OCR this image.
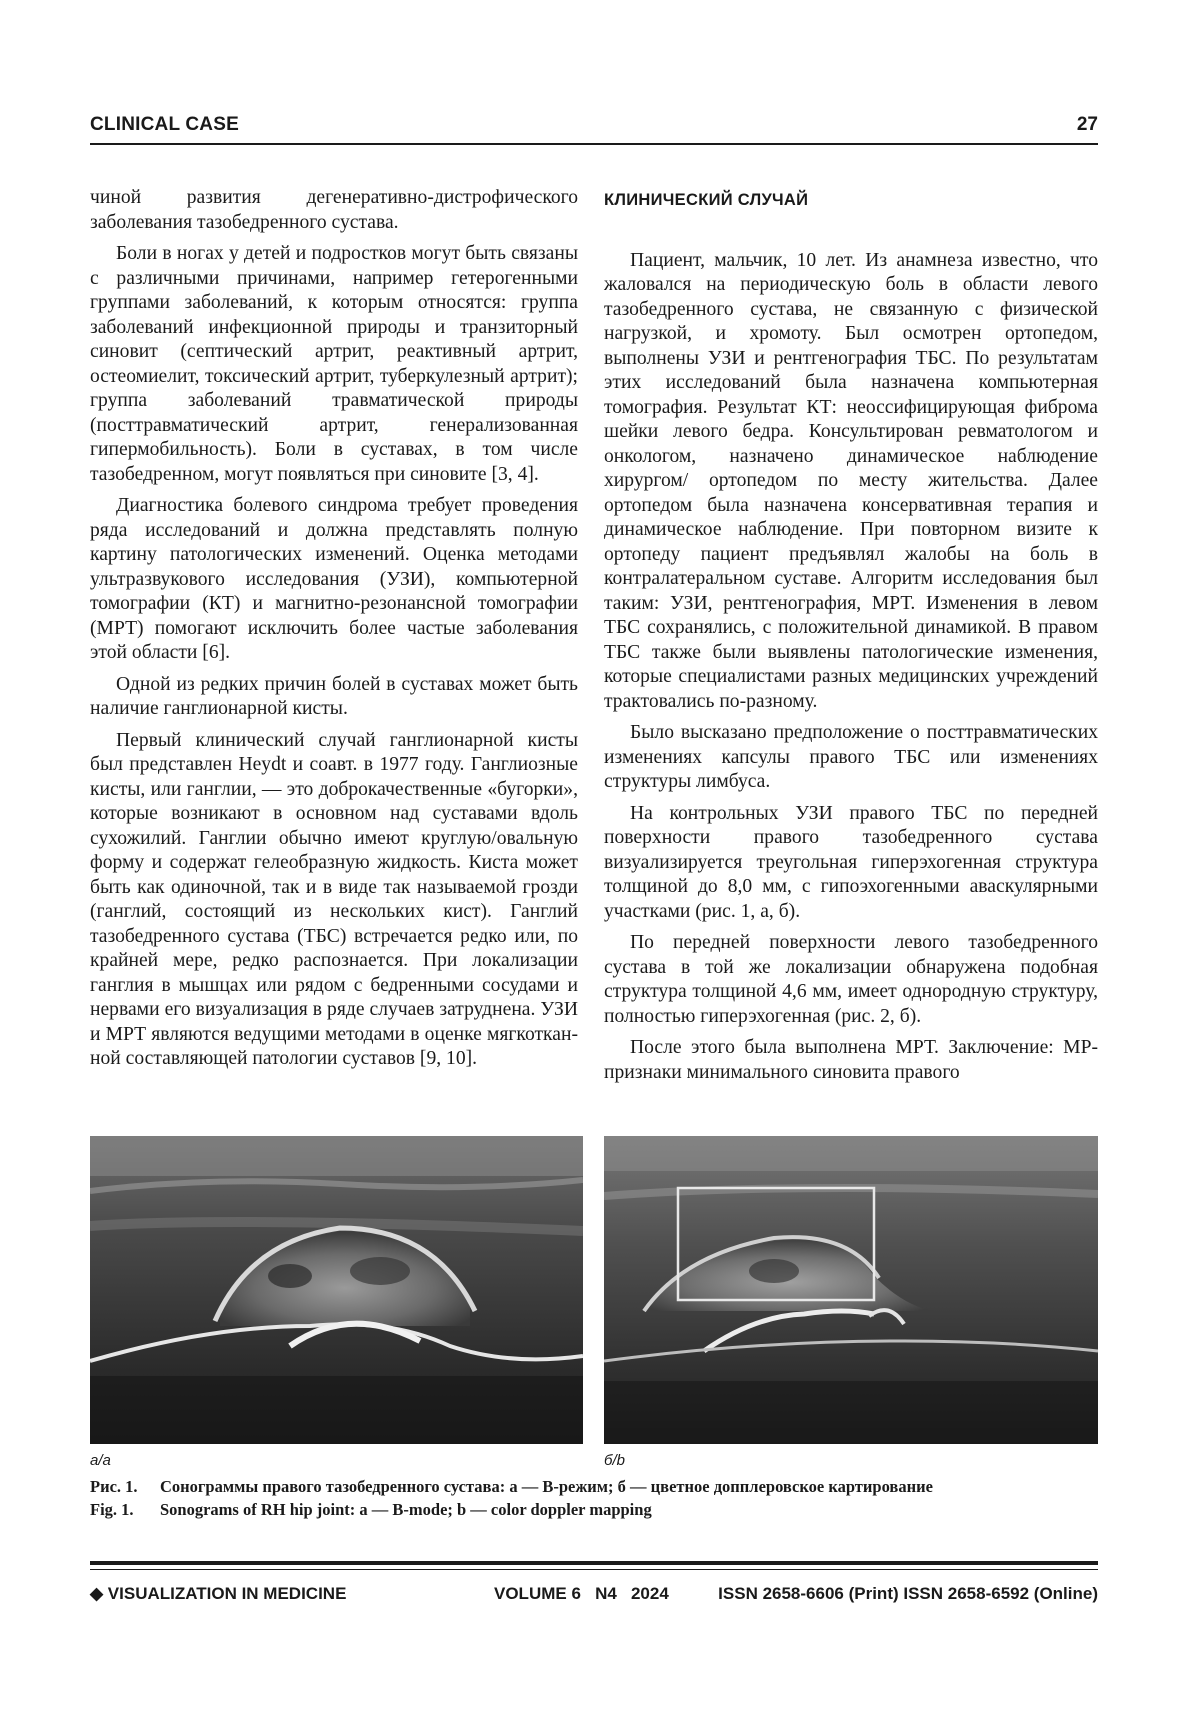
CLINICAL CASE	27

чиной развития дегенеративно-дистрофического заболевания тазобедренного сустава.

Боли в ногах у детей и подростков могут быть связаны с различными причинами, например гетерогенными группами заболеваний, к которым относятся: группа заболеваний инфекционной природы и транзиторный синовит (септический артрит, реактивный артрит, остеомиелит, токсический артрит, туберкулезный артрит); группа заболеваний травматической природы (посттравматический артрит, генерализованная гипермобильность). Боли в суставах, в том числе тазобедренном, могут появляться при синовите [3, 4].

Диагностика болевого синдрома требует проведения ряда исследований и должна представлять полную картину патологических изменений. Оценка методами ультразвукового исследования (УЗИ), компьютерной томографии (КТ) и магнитно-резонансной томографии (МРТ) помогают исключить более частые заболевания этой области [6].

Одной из редких причин болей в суставах может быть наличие ганглионарной кисты.

Первый клинический случай ганглионарной кисты был представлен Heydt и соавт. в 1977 году. Ганглиозные кисты, или ганглии, — это доброкачественные «бугорки», которые возникают в основном над суставами вдоль сухожилий. Ганглии обычно имеют круглую/овальную форму и содержат гелеобразную жидкость. Киста может быть как одиночной, так и в виде так называемой грозди (ганглий, состоящий из нескольких кист). Ганглий тазобедренного сустава (ТБС) встречается редко или, по крайней мере, редко распознается. При локализации ганглия в мышцах или рядом с бедренными сосудами и нервами его визуализация в ряде случаев затруднена. УЗИ и МРТ являются ведущими методами в оценке мягкотканной составляющей патологии суставов [9, 10].

КЛИНИЧЕСКИЙ СЛУЧАЙ

Пациент, мальчик, 10 лет. Из анамнеза известно, что жаловался на периодическую боль в области левого тазобедренного сустава, не связанную с физической нагрузкой, и хромоту. Был осмотрен ортопедом, выполнены УЗИ и рентгенография ТБС. По результатам этих исследований была назначена компьютерная томография. Результат КТ: неоссифицирующая фиброма шейки левого бедра. Консультирован ревматологом и онкологом, назначено динамическое наблюдение хирургом/ ортопедом по месту жительства. Далее ортопедом была назначена консервативная терапия и динамическое наблюдение. При повторном визите к ортопеду пациент предъявлял жалобы на боль в контралатеральном суставе. Алгоритм исследования был таким: УЗИ, рентгенография, МРТ. Изменения в левом ТБС сохранялись, с положительной динамикой. В правом ТБС также были выявлены патологические изменения, которые специалистами разных медицинских учреждений трактовались по-разному.

Было высказано предположение о посттравматических изменениях капсулы правого ТБС или изменениях структуры лимбуса.

На контрольных УЗИ правого ТБС по передней поверхности правого тазобедренного сустава визуализируется треугольная гиперэхогенная структура толщиной до 8,0 мм, с гипоэхогенными аваскулярными участками (рис. 1, а, б).

По передней поверхности левого тазобедренного сустава в той же локализации обнаружена подобная структура толщиной 4,6 мм, имеет однородную структуру, полностью гиперэхогенная (рис. 2, б).

После этого была выполнена МРТ. Заключение: МР-признаки минимального синовита правого

а/a	б/b
Рис. 1. Сонограммы правого тазобедренного сустава: а — В-режим; б — цветное допплеровское картирование
Fig. 1. Sonograms of RH hip joint: a — B-mode; b — color doppler mapping
◆ VISUALIZATION IN MEDICINE	VOLUME 6   N4   2024	ISSN 2658-6606 (Print) ISSN 2658-6592 (Online)
